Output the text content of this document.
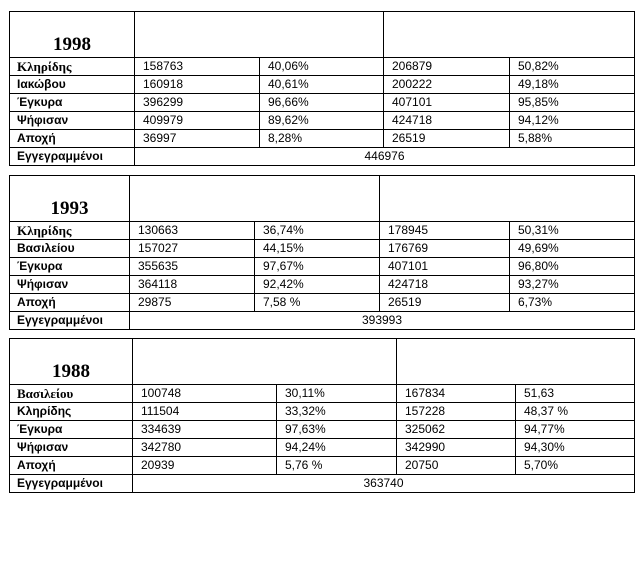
1998				
Κληρίδης	158763	40,06%	206879	50,82%
Ιακώβου	160918	40,61%	200222	49,18%
Έγκυρα	396299	96,66%	407101	95,85%
Ψήφισαν	409979	89,62%	424718	94,12%
Αποχή	36997	8,28%	26519	5,88%
Εγγεγραμμένοι	446976			
1993				
Κληρίδης	130663	36,74%	178945	50,31%
Βασιλείου	157027	44,15%	176769	49,69%
Έγκυρα	355635	97,67%	407101	96,80%
Ψήφισαν	364118	92,42%	424718	93,27%
Αποχή	29875	7,58 %	26519	6,73%
Εγγεγραμμένοι	393993			
1988				
Βασιλείου	100748	30,11%	167834	51,63
Κληρίδης	111504	33,32%	157228	48,37 %
Έγκυρα	334639	97,63%	325062	94,77%
Ψήφισαν	342780	94,24%	342990	94,30%
Αποχή	20939	5,76 %	20750	5,70%
Εγγεγραμμένοι	363740			
